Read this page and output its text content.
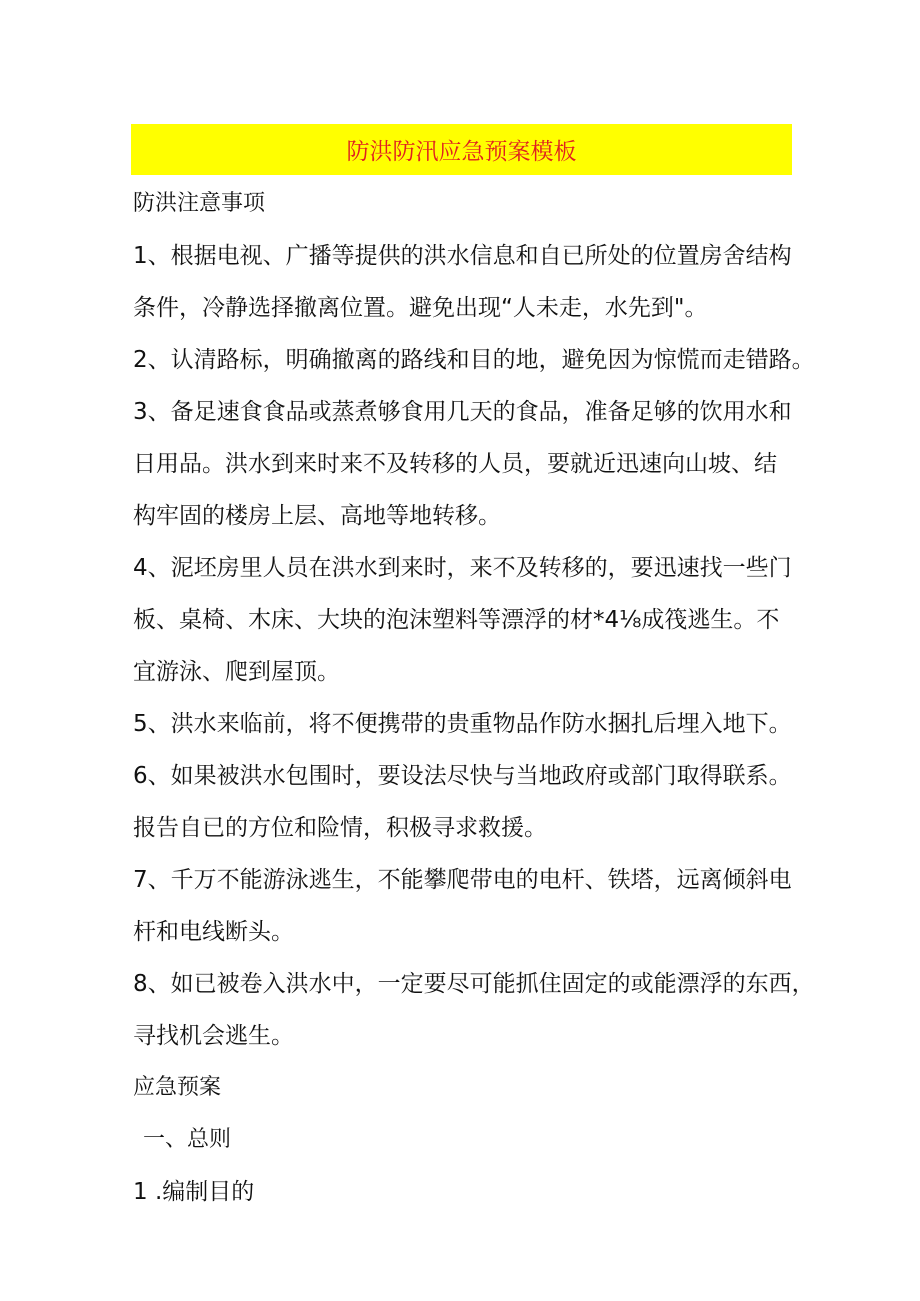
防洪防汛应急预案模板

防洪注意事项

1、根据电视、广播等提供的洪水信息和自已所处的位置房舍结构

条件，冷静选择撤离位置。避免出现“人未走，水先到"。

2、认清路标，明确撤离的路线和目的地，避免因为惊慌而走错路。

3、备足速食食品或蒸煮够食用几天的食品，准备足够的饮用水和

日用品。洪水到来时来不及转移的人员，要就近迅速向山坡、结

构牢固的楼房上层、高地等地转移。

4、泥坯房里人员在洪水到来时，来不及转移的，要迅速找一些门

板、桌椅、木床、大块的泡沫塑料等漂浮的材*4⅛成筏逃生。不

宜游泳、爬到屋顶。

5、洪水来临前，将不便携带的贵重物品作防水捆扎后埋入地下。

6、如果被洪水包围时，要设法尽快与当地政府或部门取得联系。

报告自已的方位和险情，积极寻求救援。

7、千万不能游泳逃生，不能攀爬带电的电杆、铁塔，远离倾斜电

杆和电线断头。

8、如已被卷入洪水中，一定要尽可能抓住固定的或能漂浮的东西，

寻找机会逃生。

应急预案

一、总则

1 .编制目的
